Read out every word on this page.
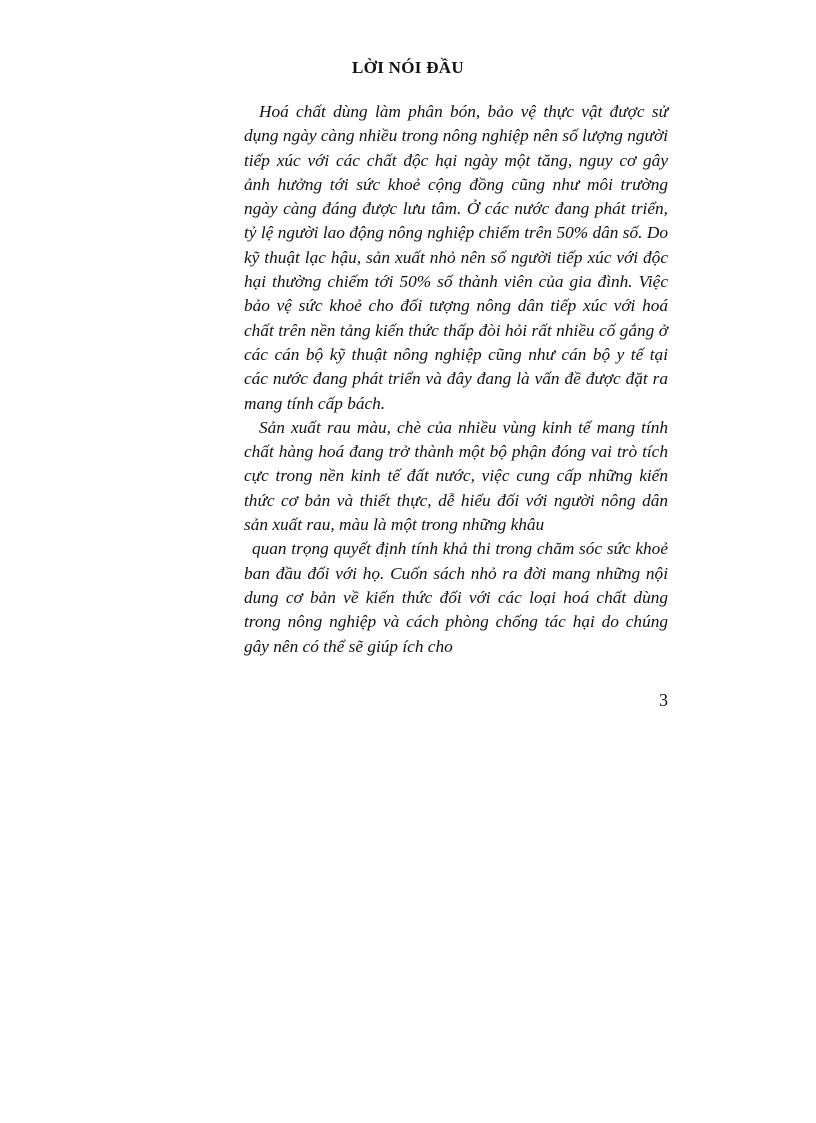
LỜI NÓI ĐẦU

Hoá chất dùng làm phân bón, bảo vệ thực vật được sử dụng ngày càng nhiều trong nông nghiệp nên số lượng người tiếp xúc với các chất độc hại ngày một tăng, nguy cơ gây ảnh hưởng tới sức khoẻ cộng đồng cũng như môi trường ngày càng đáng được lưu tâm. Ở các nước đang phát triển, tỷ lệ người lao động nông nghiệp chiếm trên 50% dân số. Do kỹ thuật lạc hậu, sản xuất nhỏ nên số người tiếp xúc với độc hại thường chiếm tới 50% số thành viên của gia đình. Việc bảo vệ sức khoẻ cho đối tượng nông dân tiếp xúc với hoá chất trên nền tảng kiến thức thấp đòi hỏi rất nhiều cố gắng ở các cán bộ kỹ thuật nông nghiệp cũng như cán bộ y tế tại các nước đang phát triển và đây đang là vấn đề được đặt ra mang tính cấp bách.

Sản xuất rau màu, chè của nhiều vùng kinh tế mang tính chất hàng hoá đang trở thành một bộ phận đóng vai trò tích cực trong nền kinh tế đất nước, việc cung cấp những kiến thức cơ bản và thiết thực, dễ hiểu đối với người nông dân sản xuất rau, màu là một trong những khâu

quan trọng quyết định tính khả thi trong chăm sóc sức khoẻ ban đầu đối với họ. Cuốn sách nhỏ ra đời mang những nội dung cơ bản về kiến thức đối với các loại hoá chất dùng trong nông nghiệp và cách phòng chống tác hại do chúng gây nên có thể sẽ giúp ích cho

3
